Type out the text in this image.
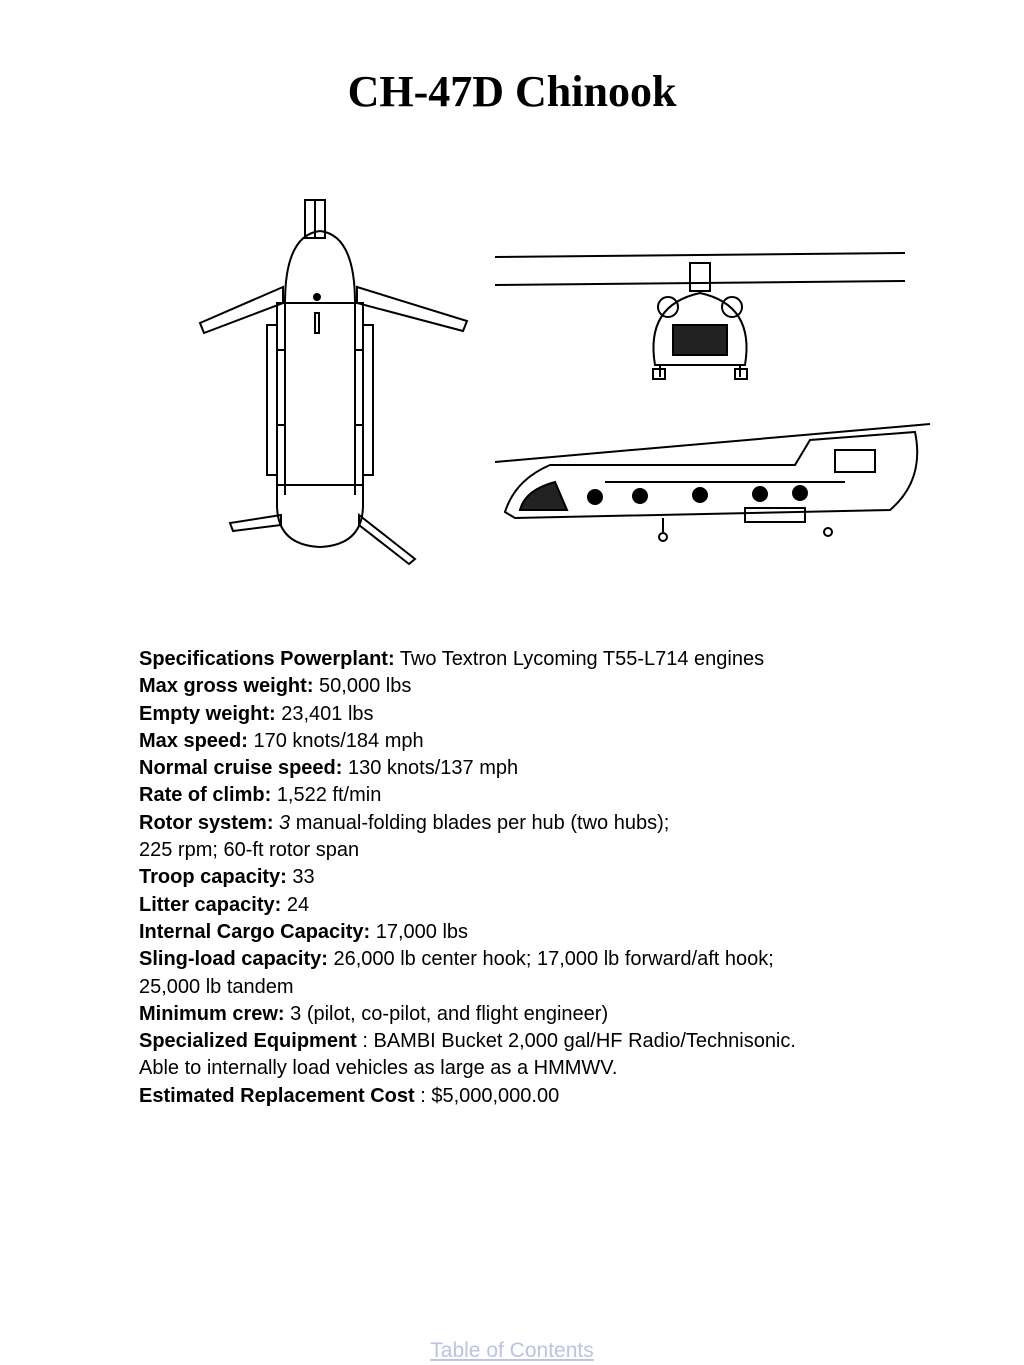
CH-47D Chinook
Specifications Powerplant: Two Textron Lycoming T55-L714 engines
Max gross weight: 50,000 lbs
Empty weight: 23,401 lbs
Max speed: 170 knots/184 mph
Normal cruise speed: 130 knots/137 mph
Rate of climb: 1,522 ft/min
Rotor system: 3 manual-folding blades per hub (two hubs);
225 rpm; 60-ft rotor span
Troop capacity: 33
Litter capacity: 24
Internal Cargo Capacity: 17,000 lbs
Sling-load capacity: 26,000 lb center hook; 17,000 lb forward/aft hook;
25,000 lb tandem
Minimum crew: 3 (pilot, co-pilot, and flight engineer)
Specialized Equipment : BAMBI Bucket 2,000 gal/HF Radio/Technisonic.
Able to internally load vehicles as large as a HMMWV.
Estimated Replacement Cost : $5,000,000.00
Table of Contents
